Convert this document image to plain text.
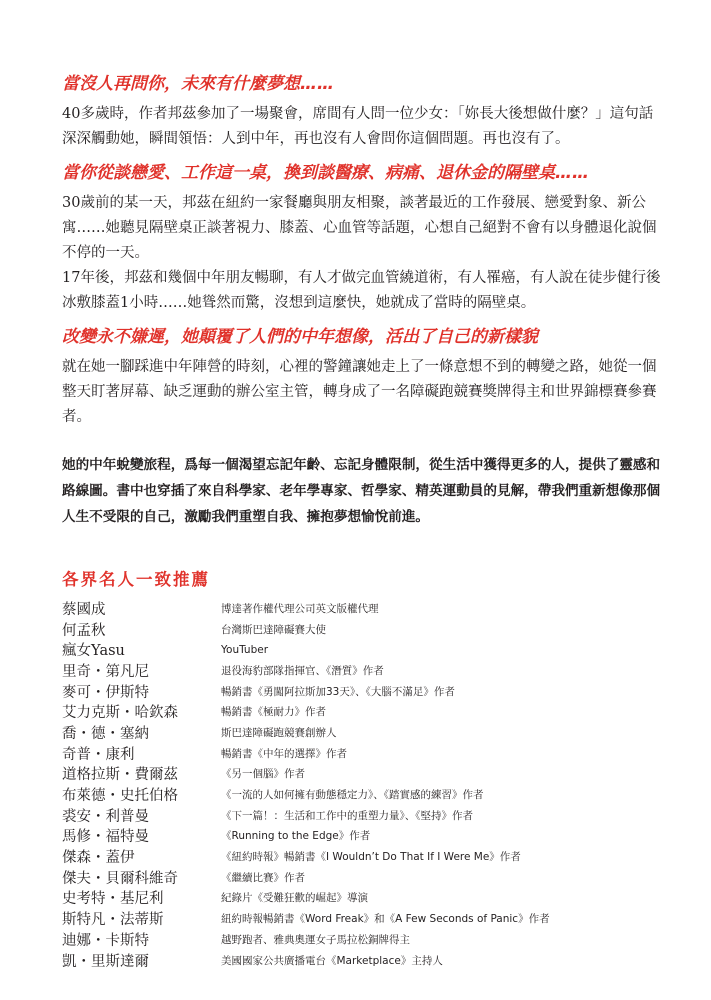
當沒人再問你，未來有什麼夢想……

40多歲時，作者邦茲參加了一場聚會，席間有人問一位少女：「妳長大後想做什麼？」這句話深深觸動她，瞬間領悟：人到中年，再也沒有人會問你這個問題。再也沒有了。

當你從談戀愛、工作這一桌，換到談醫療、病痛、退休金的隔壁桌……

30歲前的某一天，邦茲在紐約一家餐廳與朋友相聚，談著最近的工作發展、戀愛對象、新公寓……她聽見隔壁桌正談著視力、膝蓋、心血管等話題，心想自己絕對不會有以身體退化說個不停的一天。

17年後，邦茲和幾個中年朋友暢聊，有人才做完血管繞道術，有人罹癌，有人說在徒步健行後冰敷膝蓋1小時……她聳然而驚，沒想到這麼快，她就成了當時的隔壁桌。

改變永不嫌遲，她顛覆了人們的中年想像，活出了自己的新樣貌

就在她一腳踩進中年陣營的時刻，心裡的警鐘讓她走上了一條意想不到的轉變之路，她從一個整天盯著屏幕、缺乏運動的辦公室主管，轉身成了一名障礙跑競賽獎牌得主和世界錦標賽參賽者。

她的中年蛻變旅程，爲每一個渴望忘記年齡、忘記身體限制，從生活中獲得更多的人，提供了靈感和路線圖。書中也穿插了來自科學家、老年學專家、哲學家、精英運動員的見解，帶我們重新想像那個人生不受限的自己，激勵我們重塑自我、擁抱夢想愉悅前進。

各界名人一致推薦
蔡國成	博達著作權代理公司英文版權代理
何孟秋	台灣斯巴達障礙賽大使
瘋女Yasu	YouTuber
里奇・第凡尼	退役海豹部隊指揮官、《潛質》作者
麥可・伊斯特	暢銷書《勇闖阿拉斯加33天》、《大腦不滿足》作者
艾力克斯・哈欽森	暢銷書《極耐力》作者
喬・德・塞納	斯巴達障礙跑競賽創辦人
奇普・康利	暢銷書《中年的選擇》作者
道格拉斯・費爾茲	《另一個腦》作者
布萊德・史托伯格	《一流的人如何擁有動態穩定力》、《踏實感的練習》作者
裘安・利普曼	《下一篇！：生活和工作中的重塑力量》、《堅持》作者
馬修・福特曼	《Running to the Edge》作者
傑森・蓋伊	《紐約時報》暢銷書《I Wouldn’t Do That If I Were Me》作者
傑夫・貝爾科維奇	《繼續比賽》作者
史考特・基尼利	紀錄片《受難狂歡的崛起》導演
斯特凡・法蒂斯	紐約時報暢銷書《Word Freak》和《A Few Seconds of Panic》作者
迪娜・卡斯特	越野跑者、雅典奧運女子馬拉松銅牌得主
凱・里斯達爾	美國國家公共廣播電台《Marketplace》主持人
